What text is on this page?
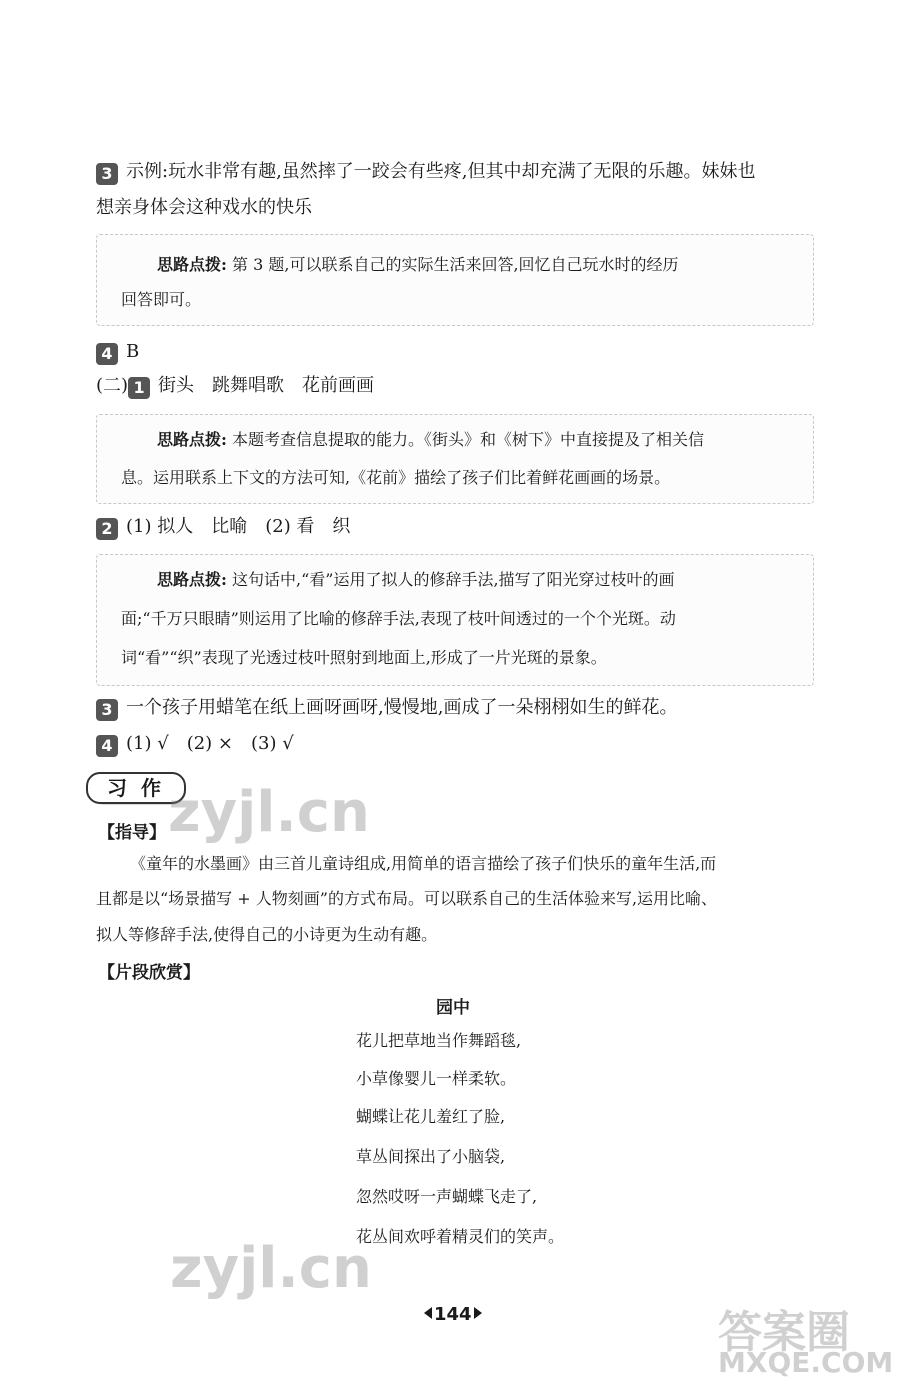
3 示例:玩水非常有趣,虽然摔了一跤会有些疼,但其中却充满了无限的乐趣。妹妹也
想亲身体会这种戏水的快乐
思路点拨: 第 3 题,可以联系自己的实际生活来回答,回忆自己玩水时的经历
回答即可。
4 B
(二) 1 街头　跳舞唱歌　花前画画
思路点拨: 本题考查信息提取的能力。《街头》和《树下》中直接提及了相关信
息。运用联系上下文的方法可知,《花前》描绘了孩子们比着鲜花画画的场景。
2 (1) 拟人　比喻　(2) 看　织
思路点拨: 这句话中,“看”运用了拟人的修辞手法,描写了阳光穿过枝叶的画
面;“千万只眼睛”则运用了比喻的修辞手法,表现了枝叶间透过的一个个光斑。动
词“看”“织”表现了光透过枝叶照射到地面上,形成了一片光斑的景象。
3 一个孩子用蜡笔在纸上画呀画呀,慢慢地,画成了一朵栩栩如生的鲜花。
4 (1) √　(2) ×　(3) √
习作
【指导】
《童年的水墨画》由三首儿童诗组成,用简单的语言描绘了孩子们快乐的童年生活,而
且都是以“场景描写 + 人物刻画”的方式布局。可以联系自己的生活体验来写,运用比喻、
拟人等修辞手法,使得自己的小诗更为生动有趣。
【片段欣赏】
园中
花儿把草地当作舞蹈毯,
小草像婴儿一样柔软。
蝴蝶让花儿羞红了脸,
草丛间探出了小脑袋,
忽然哎呀一声蝴蝶飞走了,
花丛间欢呼着精灵们的笑声。
zyjl.cn
zyjl.cn
答案圈
MXQE.COM
144
